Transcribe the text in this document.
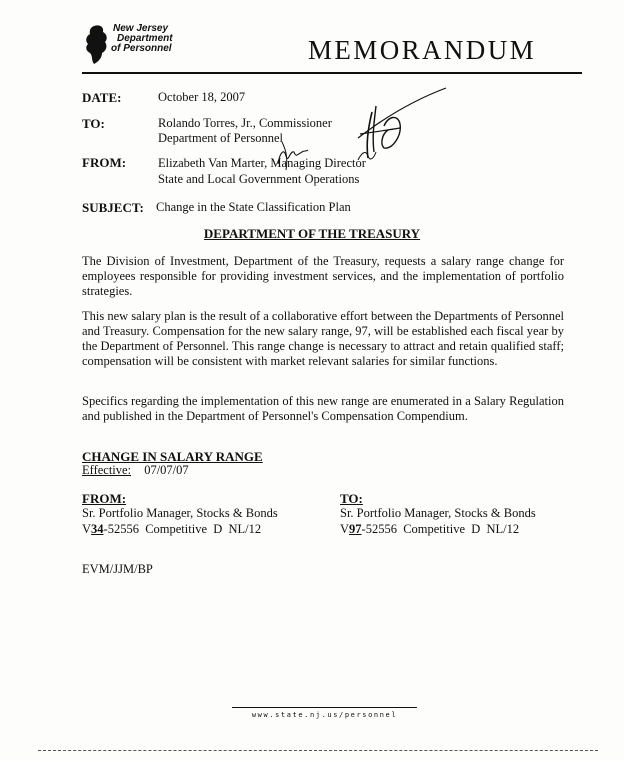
New Jersey
Department
of Personnel	MEMORANDUM
DATE:	October 18, 2007
TO:	Rolando Torres, Jr., Commissioner
Department of Personnel
FROM:	Elizabeth Van Marter, Managing Director
State and Local Government Operations
SUBJECT: Change in the State Classification Plan
DEPARTMENT OF THE TREASURY
The Division of Investment, Department of the Treasury, requests a salary range change for employees responsible for providing investment services, and the implementation of portfolio strategies.
This new salary plan is the result of a collaborative effort between the Departments of Personnel and Treasury. Compensation for the new salary range, 97, will be established each fiscal year by the Department of Personnel. This range change is necessary to attract and retain qualified staff; compensation will be consistent with market relevant salaries for similar functions.
Specifics regarding the implementation of this new range are enumerated in a Salary Regulation and published in the Department of Personnel's Compensation Compendium.
CHANGE IN SALARY RANGE
Effective: 07/07/07
FROM:
Sr. Portfolio Manager, Stocks & Bonds
V34-52556  Competitive  D  NL/12
TO:
Sr. Portfolio Manager, Stocks & Bonds
V97-52556  Competitive  D  NL/12
EVM/JJM/BP
www.state.nj.us/personnel
